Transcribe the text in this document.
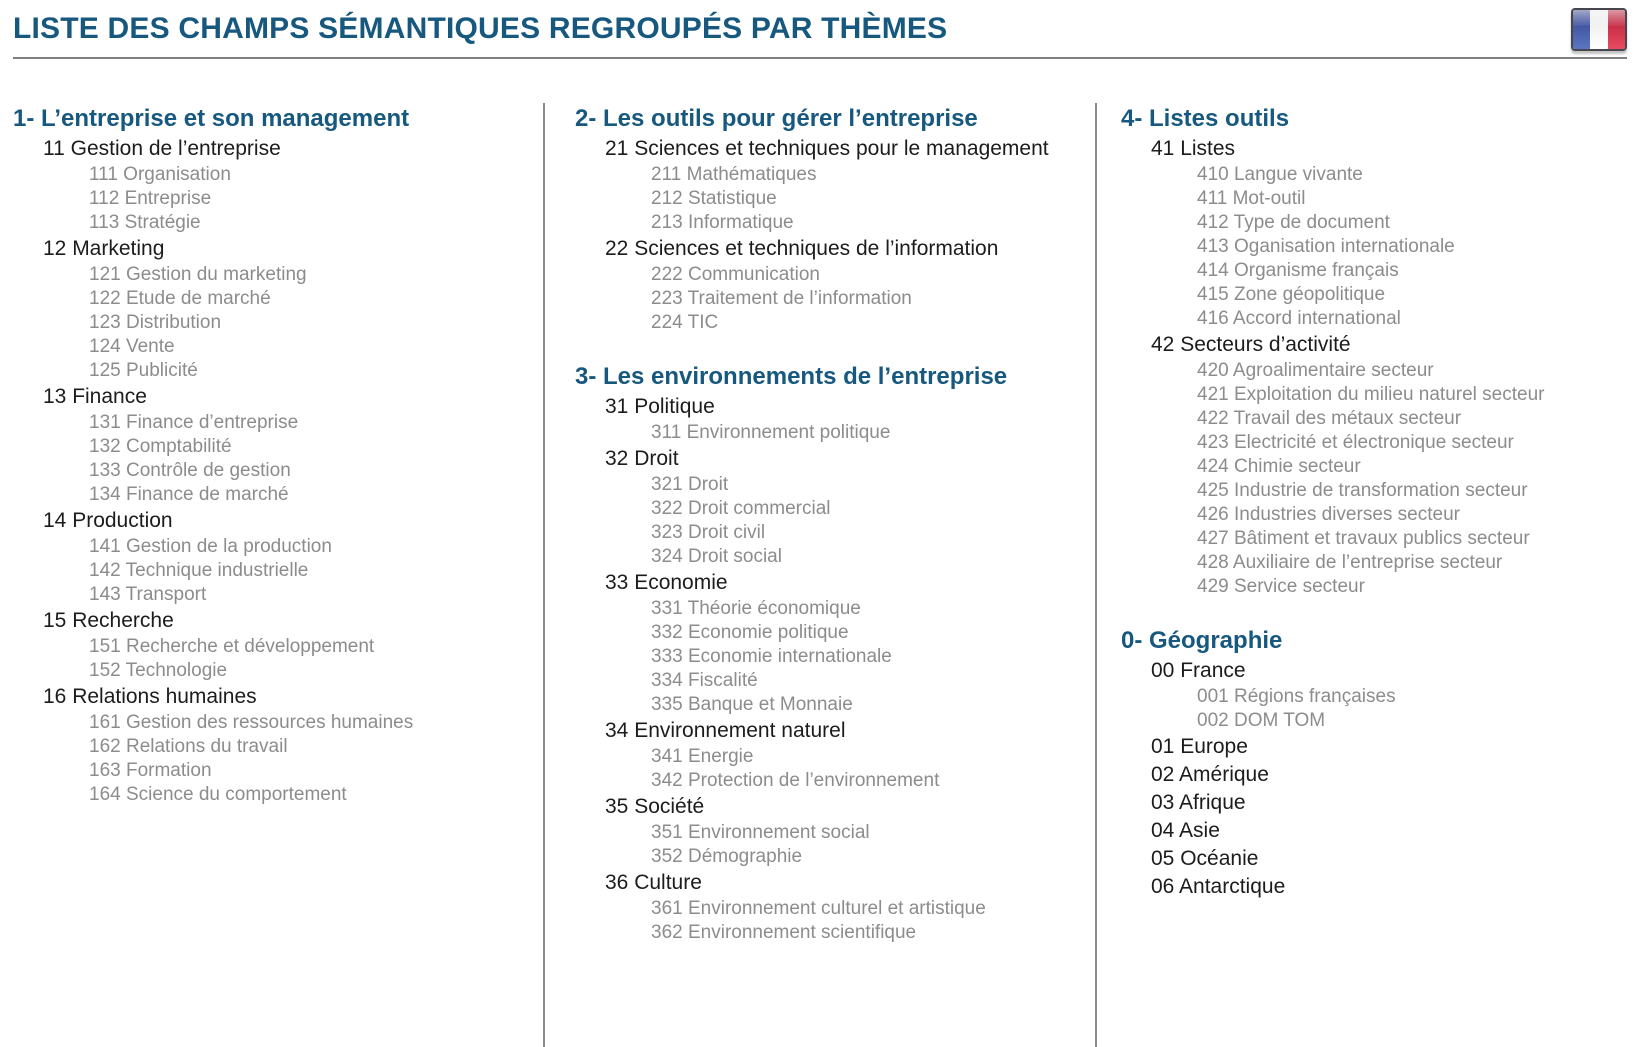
LISTE DES CHAMPS SÉMANTIQUES REGROUPÉS PAR THÈMES
1- L’entreprise et son management
11 Gestion de l’entreprise
111 Organisation
112 Entreprise
113 Stratégie
12 Marketing
121 Gestion du marketing
122 Etude de marché
123 Distribution
124 Vente
125 Publicité
13 Finance
131 Finance d’entreprise
132 Comptabilité
133 Contrôle de gestion
134 Finance de marché
14 Production
141 Gestion de la production
142 Technique industrielle
143 Transport
15 Recherche
151 Recherche et développement
152 Technologie
16 Relations humaines
161 Gestion des ressources humaines
162 Relations du travail
163 Formation
164 Science du comportement
2- Les outils pour gérer l’entreprise
21 Sciences et techniques pour le management
211 Mathématiques
212 Statistique
213 Informatique
22 Sciences et techniques de l’information
222 Communication
223 Traitement de l’information
224 TIC
3- Les environnements de l’entreprise
31 Politique
311 Environnement politique
32 Droit
321 Droit
322 Droit commercial
323 Droit civil
324 Droit social
33 Economie
331 Théorie économique
332 Economie politique
333 Economie internationale
334 Fiscalité
335 Banque et Monnaie
34 Environnement naturel
341 Energie
342 Protection de l’environnement
35 Société
351 Environnement social
352 Démographie
36 Culture
361 Environnement culturel et artistique
362 Environnement scientifique
4- Listes outils
41 Listes
410 Langue vivante
411 Mot-outil
412 Type de document
413 Oganisation internationale
414 Organisme français
415 Zone géopolitique
416 Accord international
42 Secteurs d’activité
420 Agroalimentaire secteur
421 Exploitation du milieu naturel secteur
422 Travail des métaux secteur
423 Electricité et électronique secteur
424 Chimie secteur
425 Industrie de transformation secteur
426 Industries diverses secteur
427 Bâtiment et travaux publics secteur
428 Auxiliaire de l’entreprise secteur
429 Service secteur
0- Géographie
00 France
001 Régions françaises
002 DOM TOM
01 Europe
02 Amérique
03 Afrique
04 Asie
05 Océanie
06 Antarctique
